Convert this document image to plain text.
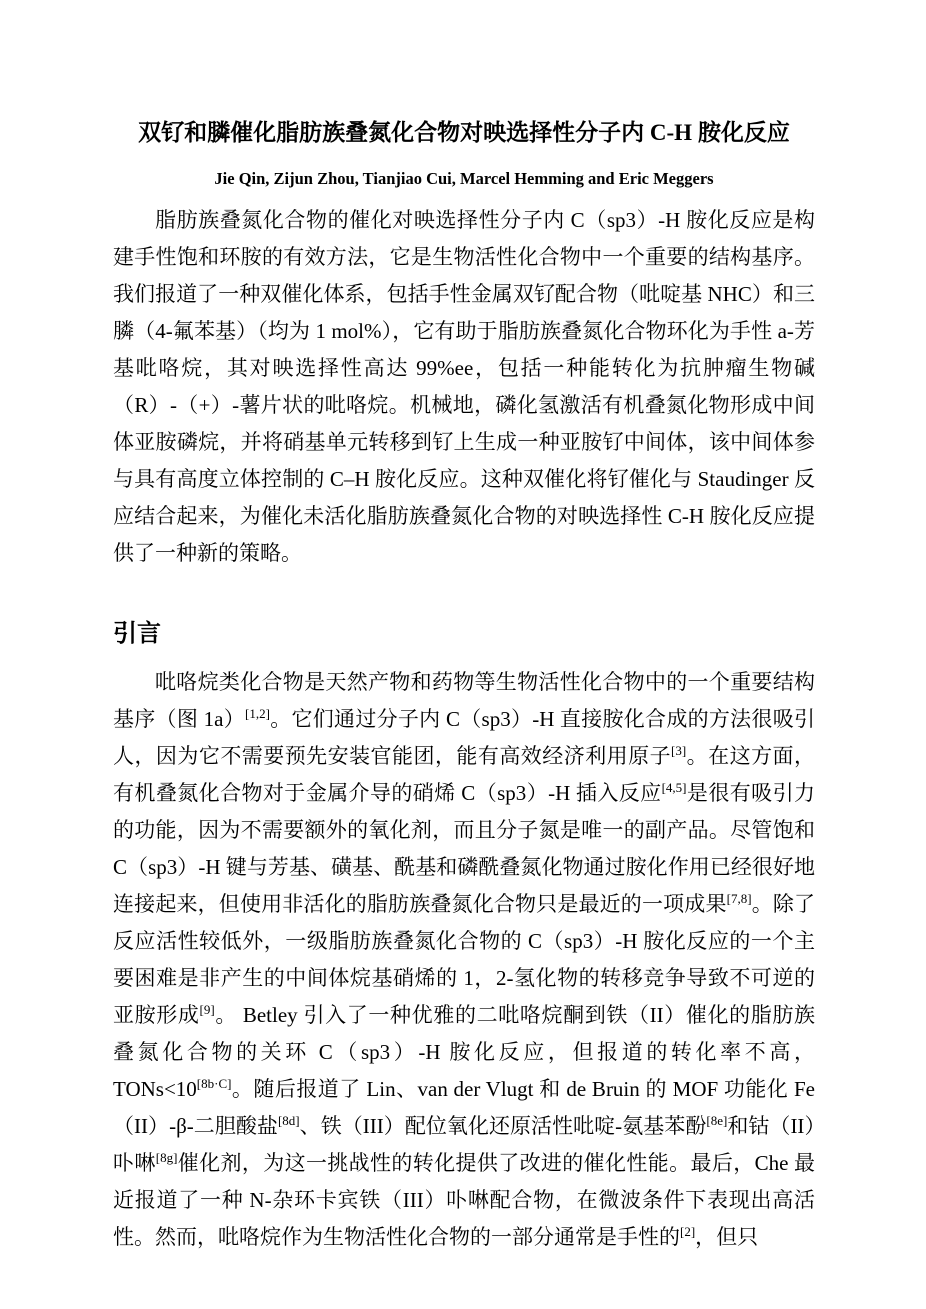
双钌和膦催化脂肪族叠氮化合物对映选择性分子内 C-H 胺化反应
Jie Qin, Zijun Zhou, Tianjiao Cui, Marcel Hemming and Eric Meggers

脂肪族叠氮化合物的催化对映选择性分子内 C（sp3）-H 胺化反应是构建手性饱和环胺的有效方法，它是生物活性化合物中一个重要的结构基序。我们报道了一种双催化体系，包括手性金属双钌配合物（吡啶基 NHC）和三膦（4-氟苯基）（均为 1 mol%），它有助于脂肪族叠氮化合物环化为手性 a-芳基吡咯烷，其对映选择性高达 99%ee，包括一种能转化为抗肿瘤生物碱（R）-（+）-薯片状的吡咯烷。机械地，磷化氢激活有机叠氮化物形成中间体亚胺磷烷，并将硝基单元转移到钌上生成一种亚胺钌中间体，该中间体参与具有高度立体控制的 C–H 胺化反应。这种双催化将钌催化与 Staudinger 反应结合起来，为催化未活化脂肪族叠氮化合物的对映选择性 C-H 胺化反应提供了一种新的策略。

引言

吡咯烷类化合物是天然产物和药物等生物活性化合物中的一个重要结构基序（图 1a）[1,2]。它们通过分子内 C（sp3）-H 直接胺化合成的方法很吸引人，因为它不需要预先安装官能团，能有高效经济利用原子[3]。在这方面，有机叠氮化合物对于金属介导的硝烯 C（sp3）-H 插入反应[4,5]是很有吸引力的功能，因为不需要额外的氧化剂，而且分子氮是唯一的副产品。尽管饱和 C（sp3）-H 键与芳基、磺基、酰基和磷酰叠氮化物通过胺化作用已经很好地连接起来，但使用非活化的脂肪族叠氮化合物只是最近的一项成果[7,8]。除了反应活性较低外，一级脂肪族叠氮化合物的 C（sp3）-H 胺化反应的一个主要困难是非产生的中间体烷基硝烯的 1，2-氢化物的转移竞争导致不可逆的亚胺形成[9]。 Betley 引入了一种优雅的二吡咯烷酮到铁（II）催化的脂肪族叠氮化合物的关环 C（sp3）-H 胺化反应，但报道的转化率不高，TONs<10[8b·C]。随后报道了 Lin、van der Vlugt 和 de Bruin 的 MOF 功能化 Fe（II）-β-二胆酸盐[8d]、铁（III）配位氧化还原活性吡啶-氨基苯酚[8e]和钴（II）卟啉[8g]催化剂，为这一挑战性的转化提供了改进的催化性能。最后，Che 最近报道了一种 N-杂环卡宾铁（III）卟啉配合物，在微波条件下表现出高活性。然而，吡咯烷作为生物活性化合物的一部分通常是手性的[2]，但只
